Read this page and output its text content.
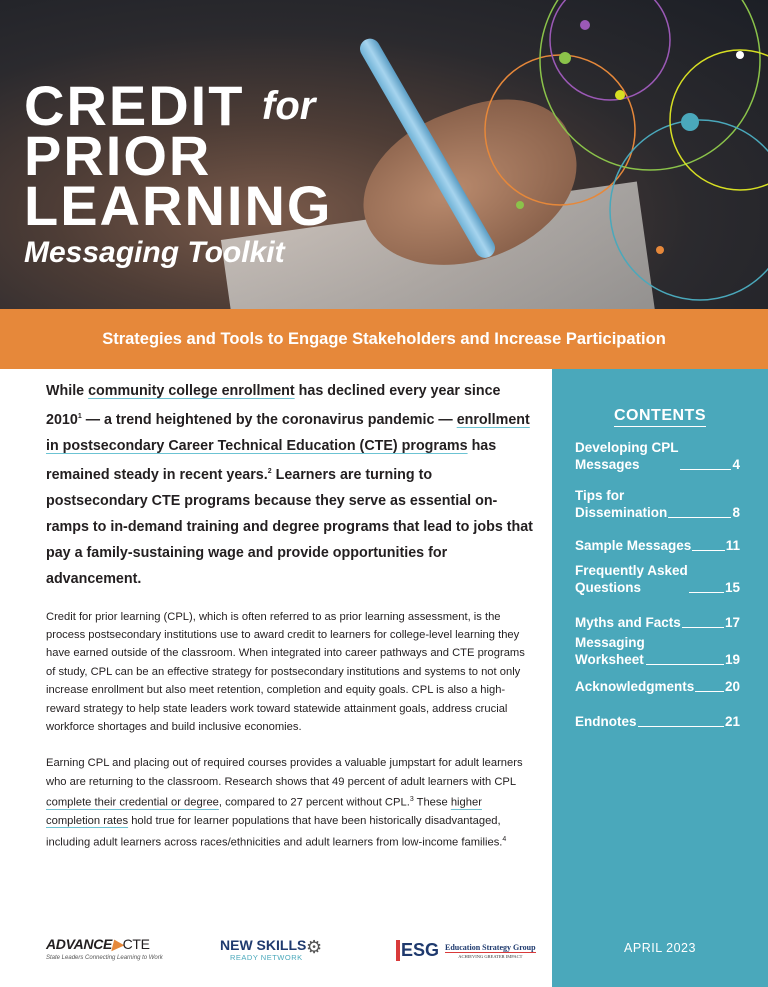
CREDIT for
PRIOR
LEARNING
Messaging Toolkit
Strategies and Tools to Engage Stakeholders and Increase Participation

While community college enrollment has declined every year since 2010$^1$ — a trend heightened by the coronavirus pandemic — enrollment in postsecondary Career Technical Education (CTE) programs has remained steady in recent years.$^2$ Learners are turning to postsecondary CTE programs because they serve as essential on-ramps to in-demand training and degree programs that lead to jobs that pay a family-sustaining wage and provide opportunities for advancement.

Credit for prior learning (CPL), which is often referred to as prior learning assessment, is the process postsecondary institutions use to award credit to learners for college-level learning they have earned outside of the classroom. When integrated into career pathways and CTE programs of study, CPL can be an effective strategy for postsecondary institutions and systems to not only increase enrollment but also meet retention, completion and equity goals. CPL is also a high-reward strategy to help state leaders work toward statewide attainment goals, address crucial workforce shortages and build inclusive economies.

Earning CPL and placing out of required courses provides a valuable jumpstart for adult learners who are returning to the classroom. Research shows that 49 percent of adult learners with CPL complete their credential or degree, compared to 27 percent without CPL.$^3$ These higher completion rates hold true for learner populations that have been historically disadvantaged, including adult learners across races/ethnicities and adult learners from low-income families.$^4$

CONTENTS
Developing CPL
Messages	4
Tips for
Dissemination	8
Sample Messages	11
Frequently Asked
Questions	15
Myths and Facts	17
Messaging
Worksheet	19
Acknowledgments 20
Endnotes	21
APRIL 2023
ADVANCE▶CTE
State Leaders Connecting Learning to Work
NEW SKILLS
READY NETWORK
⚙	ESG Education Strategy Group
ACHIEVING GREATER IMPACT
